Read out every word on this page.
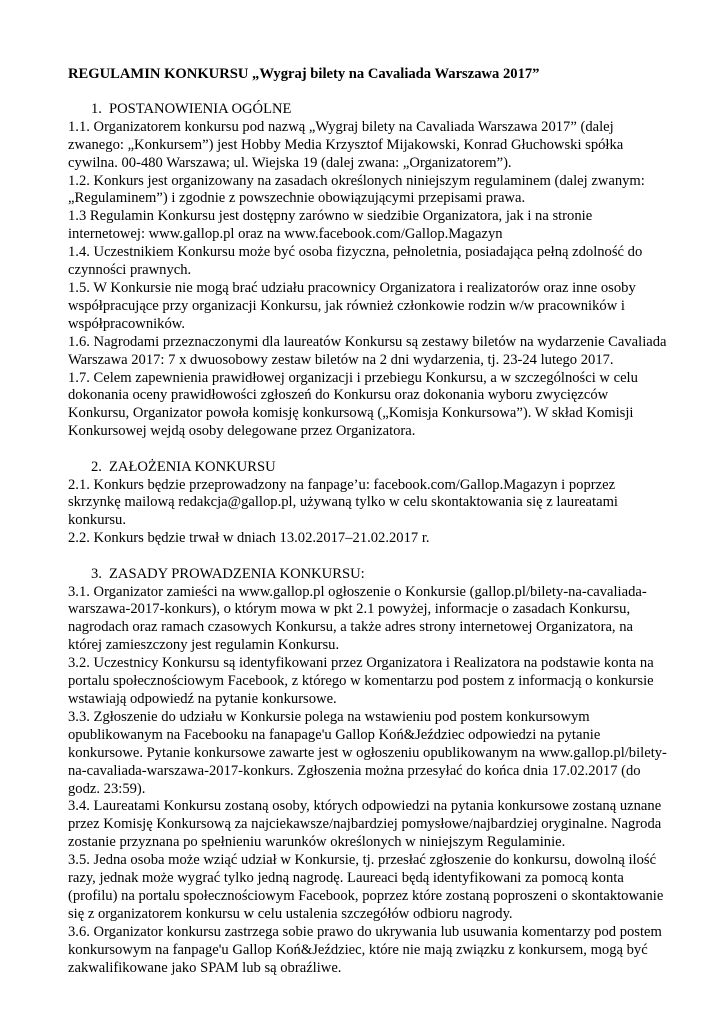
REGULAMIN KONKURSU „Wygraj bilety na Cavaliada Warszawa 2017”
1. POSTANOWIENIA OGÓLNE

1.1. Organizatorem konkursu pod nazwą „Wygraj bilety na Cavaliada Warszawa 2017” (dalej zwanego: „Konkursem”) jest Hobby Media Krzysztof Mijakowski, Konrad Głuchowski spółka cywilna. 00-480 Warszawa; ul. Wiejska 19 (dalej zwana: „Organizatorem”).

1.2. Konkurs jest organizowany na zasadach określonych niniejszym regulaminem (dalej zwanym: „Regulaminem”) i zgodnie z powszechnie obowiązującymi przepisami prawa.

1.3 Regulamin Konkursu jest dostępny zarówno w siedzibie Organizatora, jak i na stronie internetowej: www.gallop.pl oraz na www.facebook.com/Gallop.Magazyn

1.4. Uczestnikiem Konkursu może być osoba fizyczna, pełnoletnia, posiadająca pełną zdolność do czynności prawnych.

1.5. W Konkursie nie mogą brać udziału pracownicy Organizatora i realizatorów oraz inne osoby współpracujące przy organizacji Konkursu, jak również członkowie rodzin w/w pracowników i współpracowników.

1.6. Nagrodami przeznaczonymi dla laureatów Konkursu są zestawy biletów na wydarzenie Cavaliada Warszawa 2017: 7 x dwuosobowy zestaw biletów na 2 dni wydarzenia, tj. 23-24 lutego 2017.

1.7. Celem zapewnienia prawidłowej organizacji i przebiegu Konkursu, a w szczególności w celu dokonania oceny prawidłowości zgłoszeń do Konkursu oraz dokonania wyboru zwycięzców Konkursu, Organizator powoła komisję konkursową („Komisja Konkursowa”). W skład Komisji Konkursowej wejdą osoby delegowane przez Organizatora.

2. ZAŁOŻENIA KONKURSU

2.1. Konkurs będzie przeprowadzony na fanpage’u: facebook.com/Gallop.Magazyn i poprzez skrzynkę mailową redakcja@gallop.pl, używaną tylko w celu skontaktowania się z laureatami konkursu.

2.2. Konkurs będzie trwał w dniach 13.02.2017–21.02.2017 r.

3. ZASADY PROWADZENIA KONKURSU:

3.1. Organizator zamieści na www.gallop.pl ogłoszenie o Konkursie (gallop.pl/bilety-na-cavaliada-warszawa-2017-konkurs), o którym mowa w pkt 2.1 powyżej, informacje o zasadach Konkursu, nagrodach oraz ramach czasowych Konkursu, a także adres strony internetowej Organizatora, na której zamieszczony jest regulamin Konkursu.

3.2. Uczestnicy Konkursu są identyfikowani przez Organizatora i Realizatora na podstawie konta na portalu społecznościowym Facebook, z którego w komentarzu pod postem z informacją o konkursie wstawiają odpowiedź na pytanie konkursowe.

3.3. Zgłoszenie do udziału w Konkursie polega na wstawieniu pod postem konkursowym opublikowanym na Facebooku na fanapage'u Gallop Koń&Jeździec odpowiedzi na pytanie konkursowe. Pytanie konkursowe zawarte jest w ogłoszeniu opublikowanym na www.gallop.pl/bilety-na-cavaliada-warszawa-2017-konkurs. Zgłoszenia można przesyłać do końca dnia 17.02.2017 (do godz. 23:59).

3.4. Laureatami Konkursu zostaną osoby, których odpowiedzi na pytania konkursowe zostaną uznane przez Komisję Konkursową za najciekawsze/najbardziej pomysłowe/najbardziej oryginalne. Nagroda zostanie przyznana po spełnieniu warunków określonych w niniejszym Regulaminie.

3.5. Jedna osoba może wziąć udział w Konkursie, tj. przesłać zgłoszenie do konkursu, dowolną ilość razy, jednak może wygrać tylko jedną nagrodę. Laureaci będą identyfikowani za pomocą konta (profilu) na portalu społecznościowym Facebook, poprzez które zostaną poproszeni o skontaktowanie się z organizatorem konkursu w celu ustalenia szczegółów odbioru nagrody.

3.6. Organizator konkursu zastrzega sobie prawo do ukrywania lub usuwania komentarzy pod postem konkursowym na fanpage'u Gallop Koń&Jeździec, które nie mają związku z konkursem, mogą być zakwalifikowane jako SPAM lub są obraźliwe.
